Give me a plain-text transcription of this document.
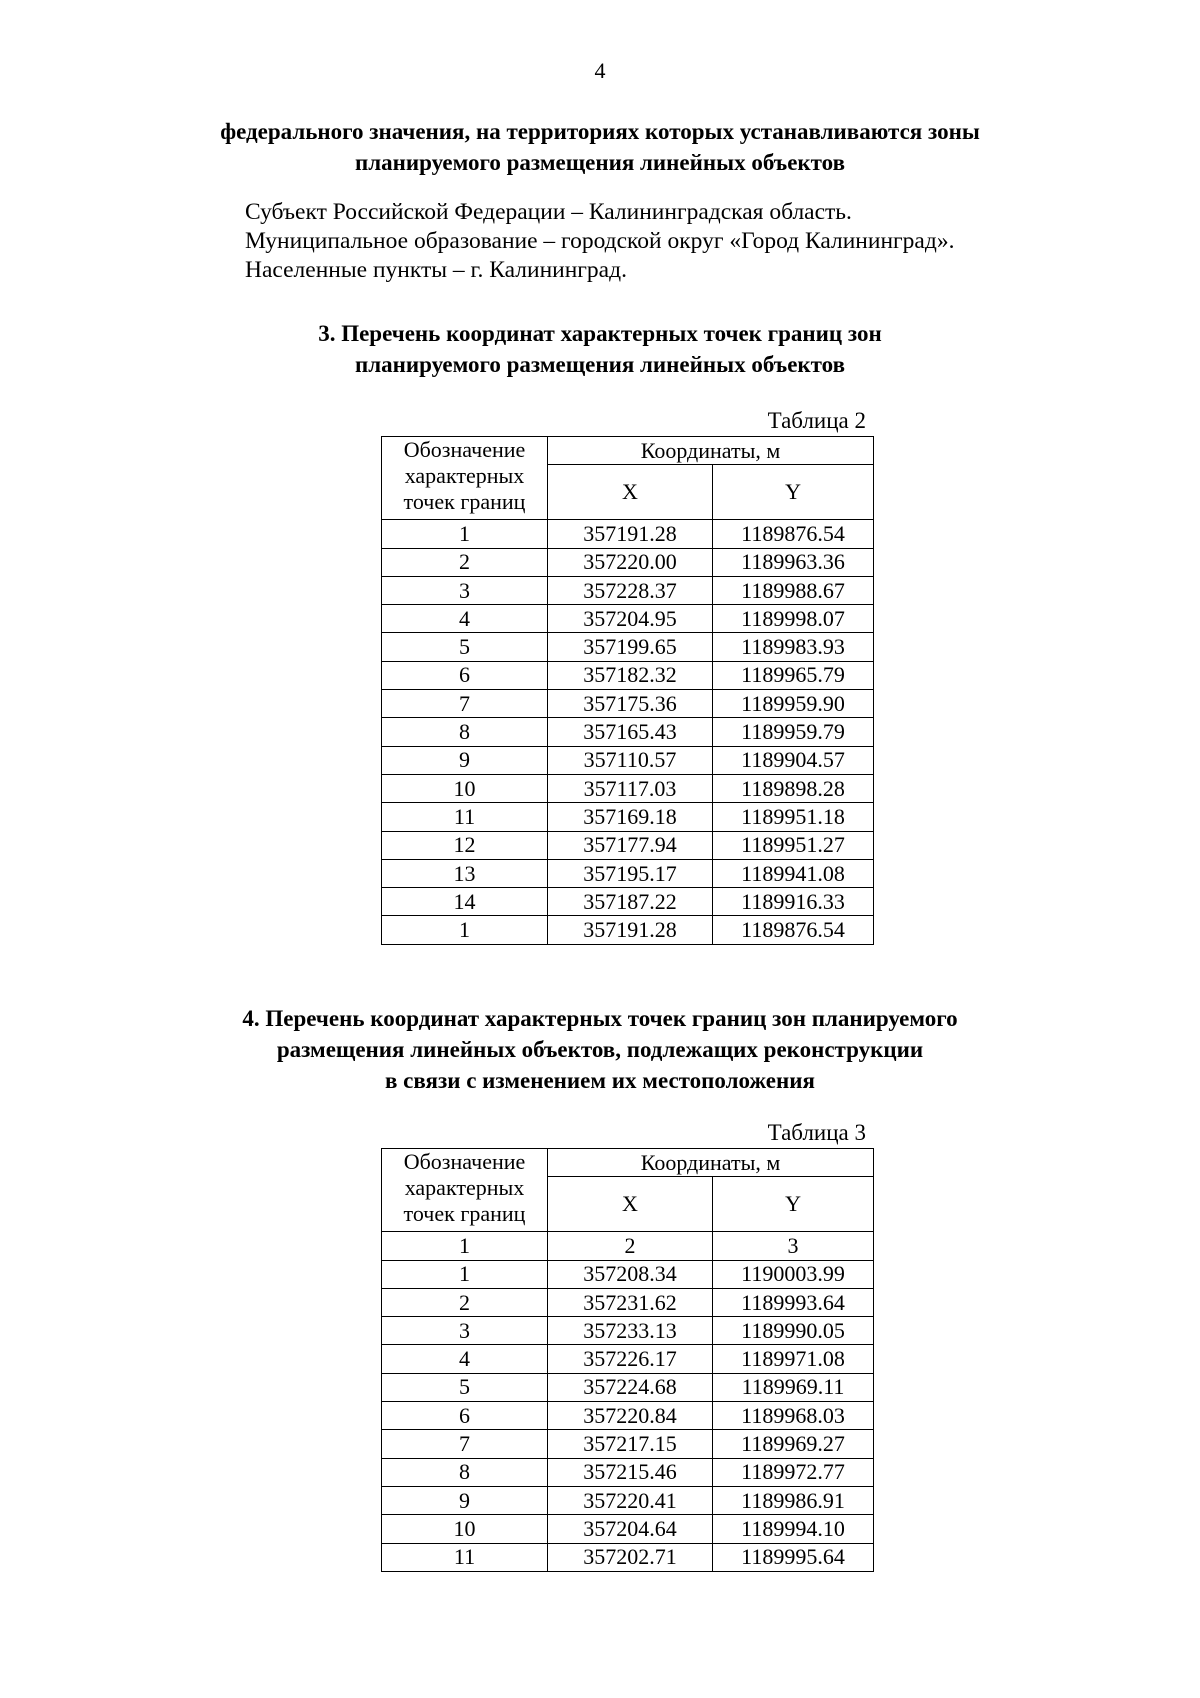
4
федерального значения, на территориях которых устанавливаются зоны
планируемого размещения линейных объектов
Субъект Российской Федерации – Калининградская область.
Муниципальное образование – городской округ «Город Калининград».
Населенные пункты – г. Калининград.
3. Перечень координат характерных точек границ зон
планируемого размещения линейных объектов
Таблица 2
Обозначение
характерных
точек границ	Координаты, м	
	X	Y
1	357191.28	1189876.54
2	357220.00	1189963.36
3	357228.37	1189988.67
4	357204.95	1189998.07
5	357199.65	1189983.93
6	357182.32	1189965.79
7	357175.36	1189959.90
8	357165.43	1189959.79
9	357110.57	1189904.57
10	357117.03	1189898.28
11	357169.18	1189951.18
12	357177.94	1189951.27
13	357195.17	1189941.08
14	357187.22	1189916.33
1	357191.28	1189876.54
4. Перечень координат характерных точек границ зон планируемого
размещения линейных объектов, подлежащих реконструкции
в связи с изменением их местоположения
Таблица 3
Обозначение
характерных
точек границ	Координаты, м	
	X	Y
1	2	3
1	357208.34	1190003.99
2	357231.62	1189993.64
3	357233.13	1189990.05
4	357226.17	1189971.08
5	357224.68	1189969.11
6	357220.84	1189968.03
7	357217.15	1189969.27
8	357215.46	1189972.77
9	357220.41	1189986.91
10	357204.64	1189994.10
11	357202.71	1189995.64
